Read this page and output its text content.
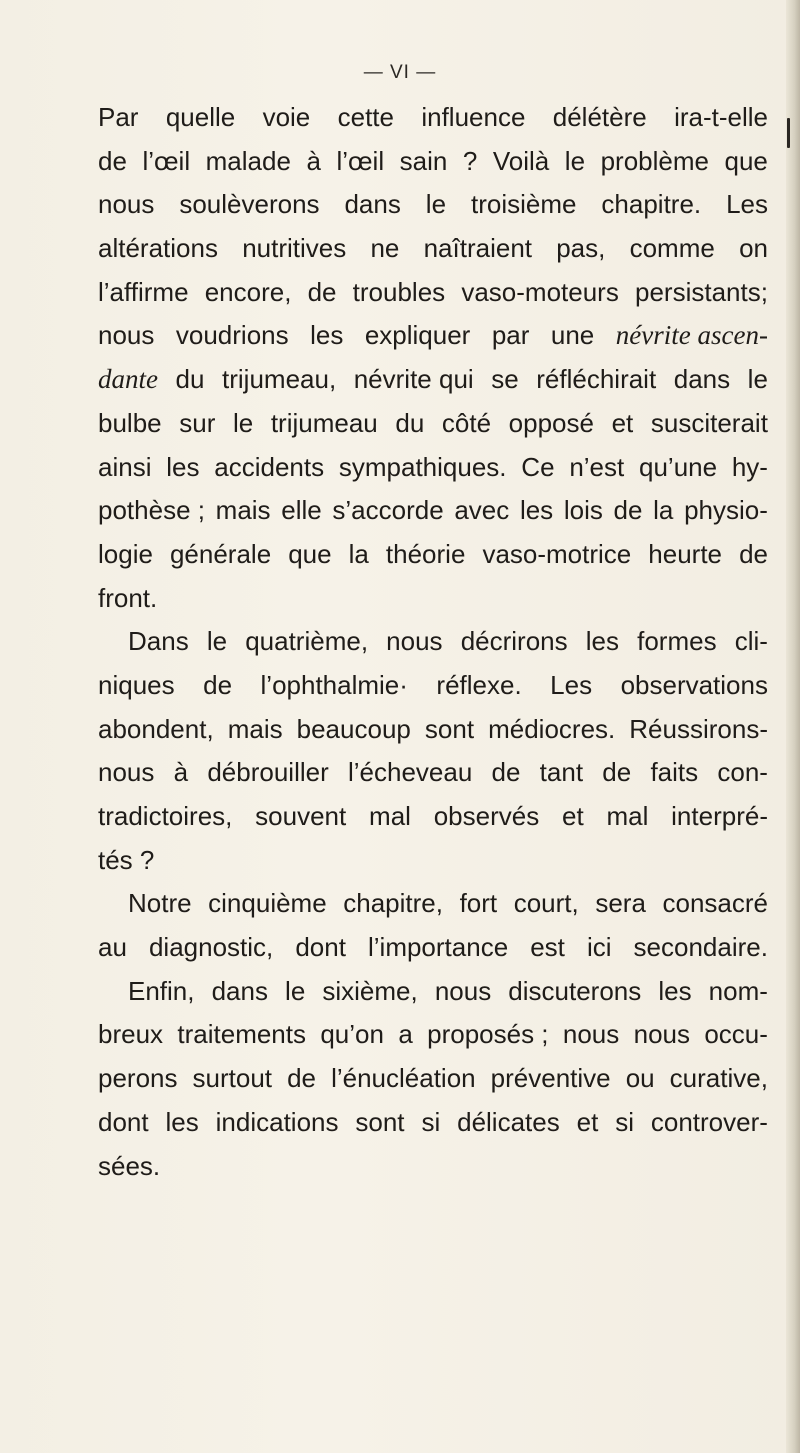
— VI —
Par quelle voie cette influence délétère ira-t-elle
de l’œil malade à l’œil sain ? Voilà le problème que
nous soulèverons dans le troisième chapitre. Les
altérations nutritives ne naîtraient pas, comme on
l’affirme encore, de troubles vaso-moteurs persistants;
nous voudrions les expliquer par une névrite ascen-
dante du trijumeau, névrite qui se réfléchirait dans le
bulbe sur le trijumeau du côté opposé et susciterait
ainsi les accidents sympathiques. Ce n’est qu’une hy-
pothèse ; mais elle s’accorde avec les lois de la physio-
logie générale que la théorie vaso-motrice heurte de
front.
Dans le quatrième, nous décrirons les formes cli-
niques de l’ophthalmie· réflexe. Les observations
abondent, mais beaucoup sont médiocres. Réussirons-
nous à débrouiller l’écheveau de tant de faits con-
tradictoires, souvent mal observés et mal interpré-
tés ?
Notre cinquième chapitre, fort court, sera consacré
au diagnostic, dont l’importance est ici secondaire.
Enfin, dans le sixième, nous discuterons les nom-
breux traitements qu’on a proposés ; nous nous occu-
perons surtout de l’énucléation préventive ou curative,
dont les indications sont si délicates et si controver-
sées.
